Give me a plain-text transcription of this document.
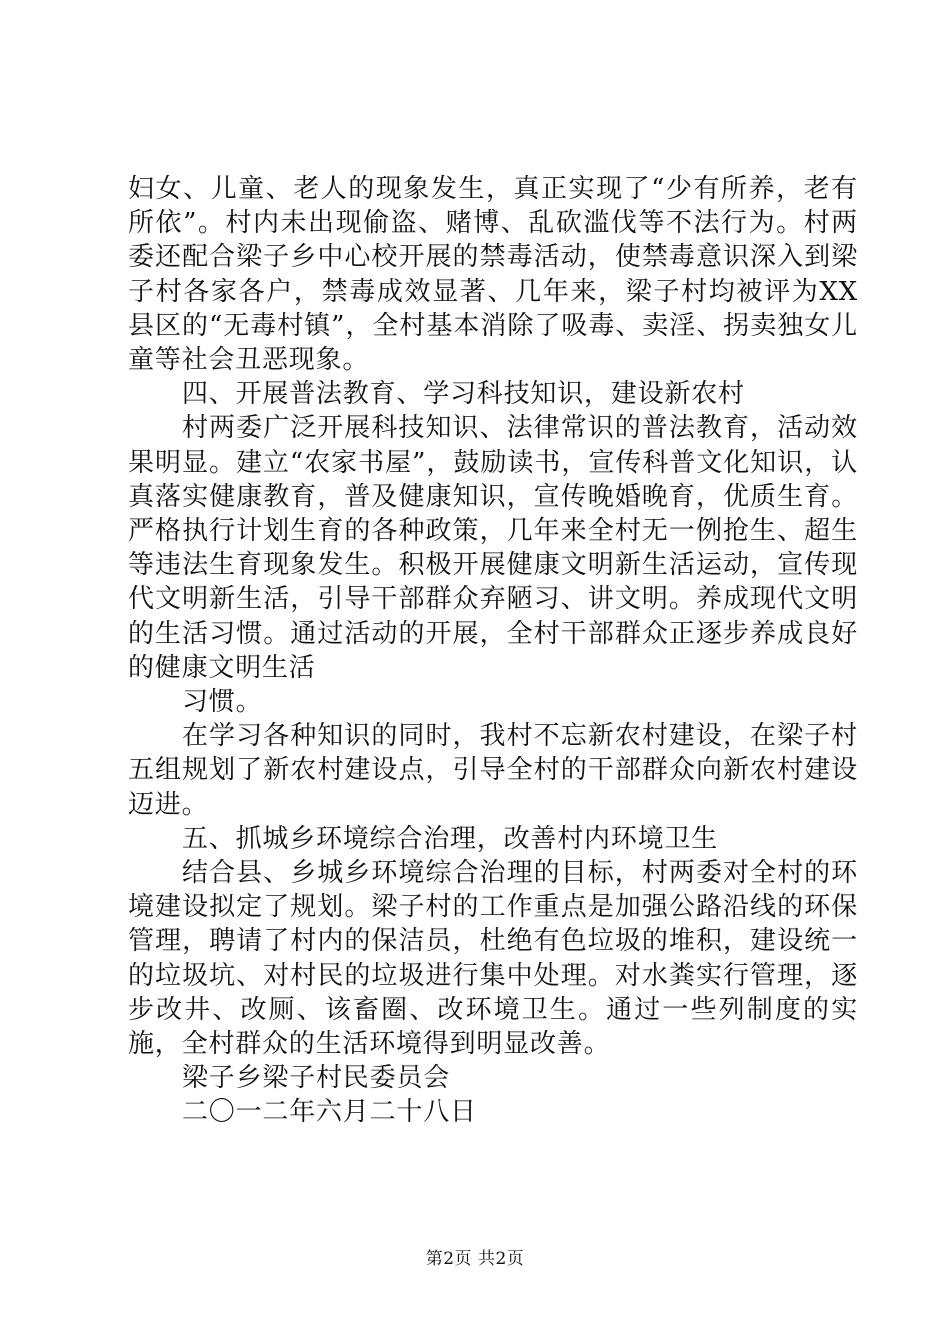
妇女、儿童、老人的现象发生，真正实现了“少有所养，老有所依”。村内未出现偷盗、赌博、乱砍滥伐等不法行为。村两委还配合梁子乡中心校开展的禁毒活动，使禁毒意识深入到梁子村各家各户，禁毒成效显著、几年来，梁子村均被评为XX县区的“无毒村镇”，全村基本消除了吸毒、卖淫、拐卖独女儿童等社会丑恶现象。

四、开展普法教育、学习科技知识，建设新农村

村两委广泛开展科技知识、法律常识的普法教育，活动效果明显。建立“农家书屋”，鼓励读书，宣传科普文化知识，认真落实健康教育，普及健康知识，宣传晚婚晚育，优质生育。严格执行计划生育的各种政策，几年来全村无一例抢生、超生等违法生育现象发生。积极开展健康文明新生活运动，宣传现代文明新生活，引导干部群众弃陋习、讲文明。养成现代文明的生活习惯。通过活动的开展，全村干部群众正逐步养成良好的健康文明生活

习惯。

在学习各种知识的同时，我村不忘新农村建设，在梁子村五组规划了新农村建设点，引导全村的干部群众向新农村建设迈进。

五、抓城乡环境综合治理，改善村内环境卫生

结合县、乡城乡环境综合治理的目标，村两委对全村的环境建设拟定了规划。梁子村的工作重点是加强公路沿线的环保管理，聘请了村内的保洁员，杜绝有色垃圾的堆积，建设统一的垃圾坑、对村民的垃圾进行集中处理。对水粪实行管理，逐步改井、改厕、该畜圈、改环境卫生。通过一些列制度的实施，全村群众的生活环境得到明显改善。

梁子乡梁子村民委员会

二〇一二年六月二十八日

第2页 共2页
